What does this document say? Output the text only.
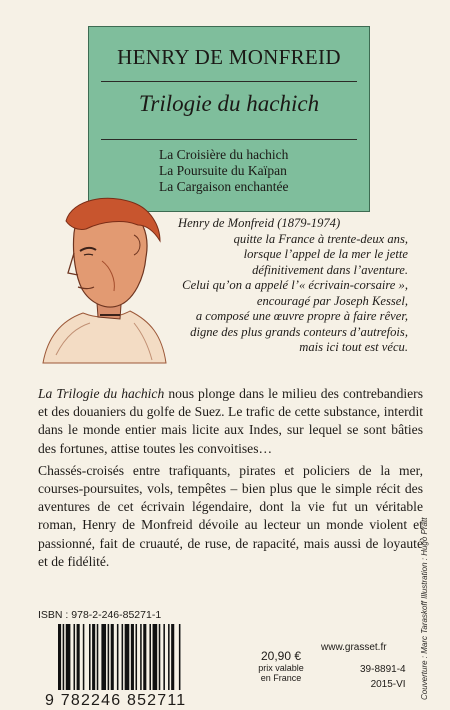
HENRY DE MONFREID
Trilogie du hachich
La Croisière du hachich
La Poursuite du Kaïpan
La Cargaison enchantée
Henry de Monfreid (1879-1974)
quitte la France à trente-deux ans,
lorsque l’appel de la mer le jette définitivement dans l’aventure.
Celui qu’on a appelé l’« écrivain-corsaire », encouragé par Joseph Kessel,
a composé une œuvre propre à faire rêver, digne des plus grands conteurs d’autrefois,
mais ici tout est vécu.

La Trilogie du hachich nous plonge dans le milieu des contrebandiers et des douaniers du golfe de Suez. Le trafic de cette substance, interdit dans le monde entier mais licite aux Indes, sur lequel se sont bâties des fortunes, attise toutes les convoitises…

Chassés-croisés entre trafiquants, pirates et policiers de la mer, courses-poursuites, vols, tempêtes – bien plus que le simple récit des aventures de cet écrivain légendaire, dont la vie fut un véritable roman, Henry de Monfreid dévoile au lecteur un monde violent et passionné, fait de cruauté, de ruse, de rapacité, mais aussi de loyauté et de fidélité.

ISBN : 978-2-246-85271-1
9 782246 852711
20,90 €
prix valable
en France
www.grasset.fr
39-8891-4
2015-VI Couverture : Marc Taraskoff Illustration : Hugo Pratt
